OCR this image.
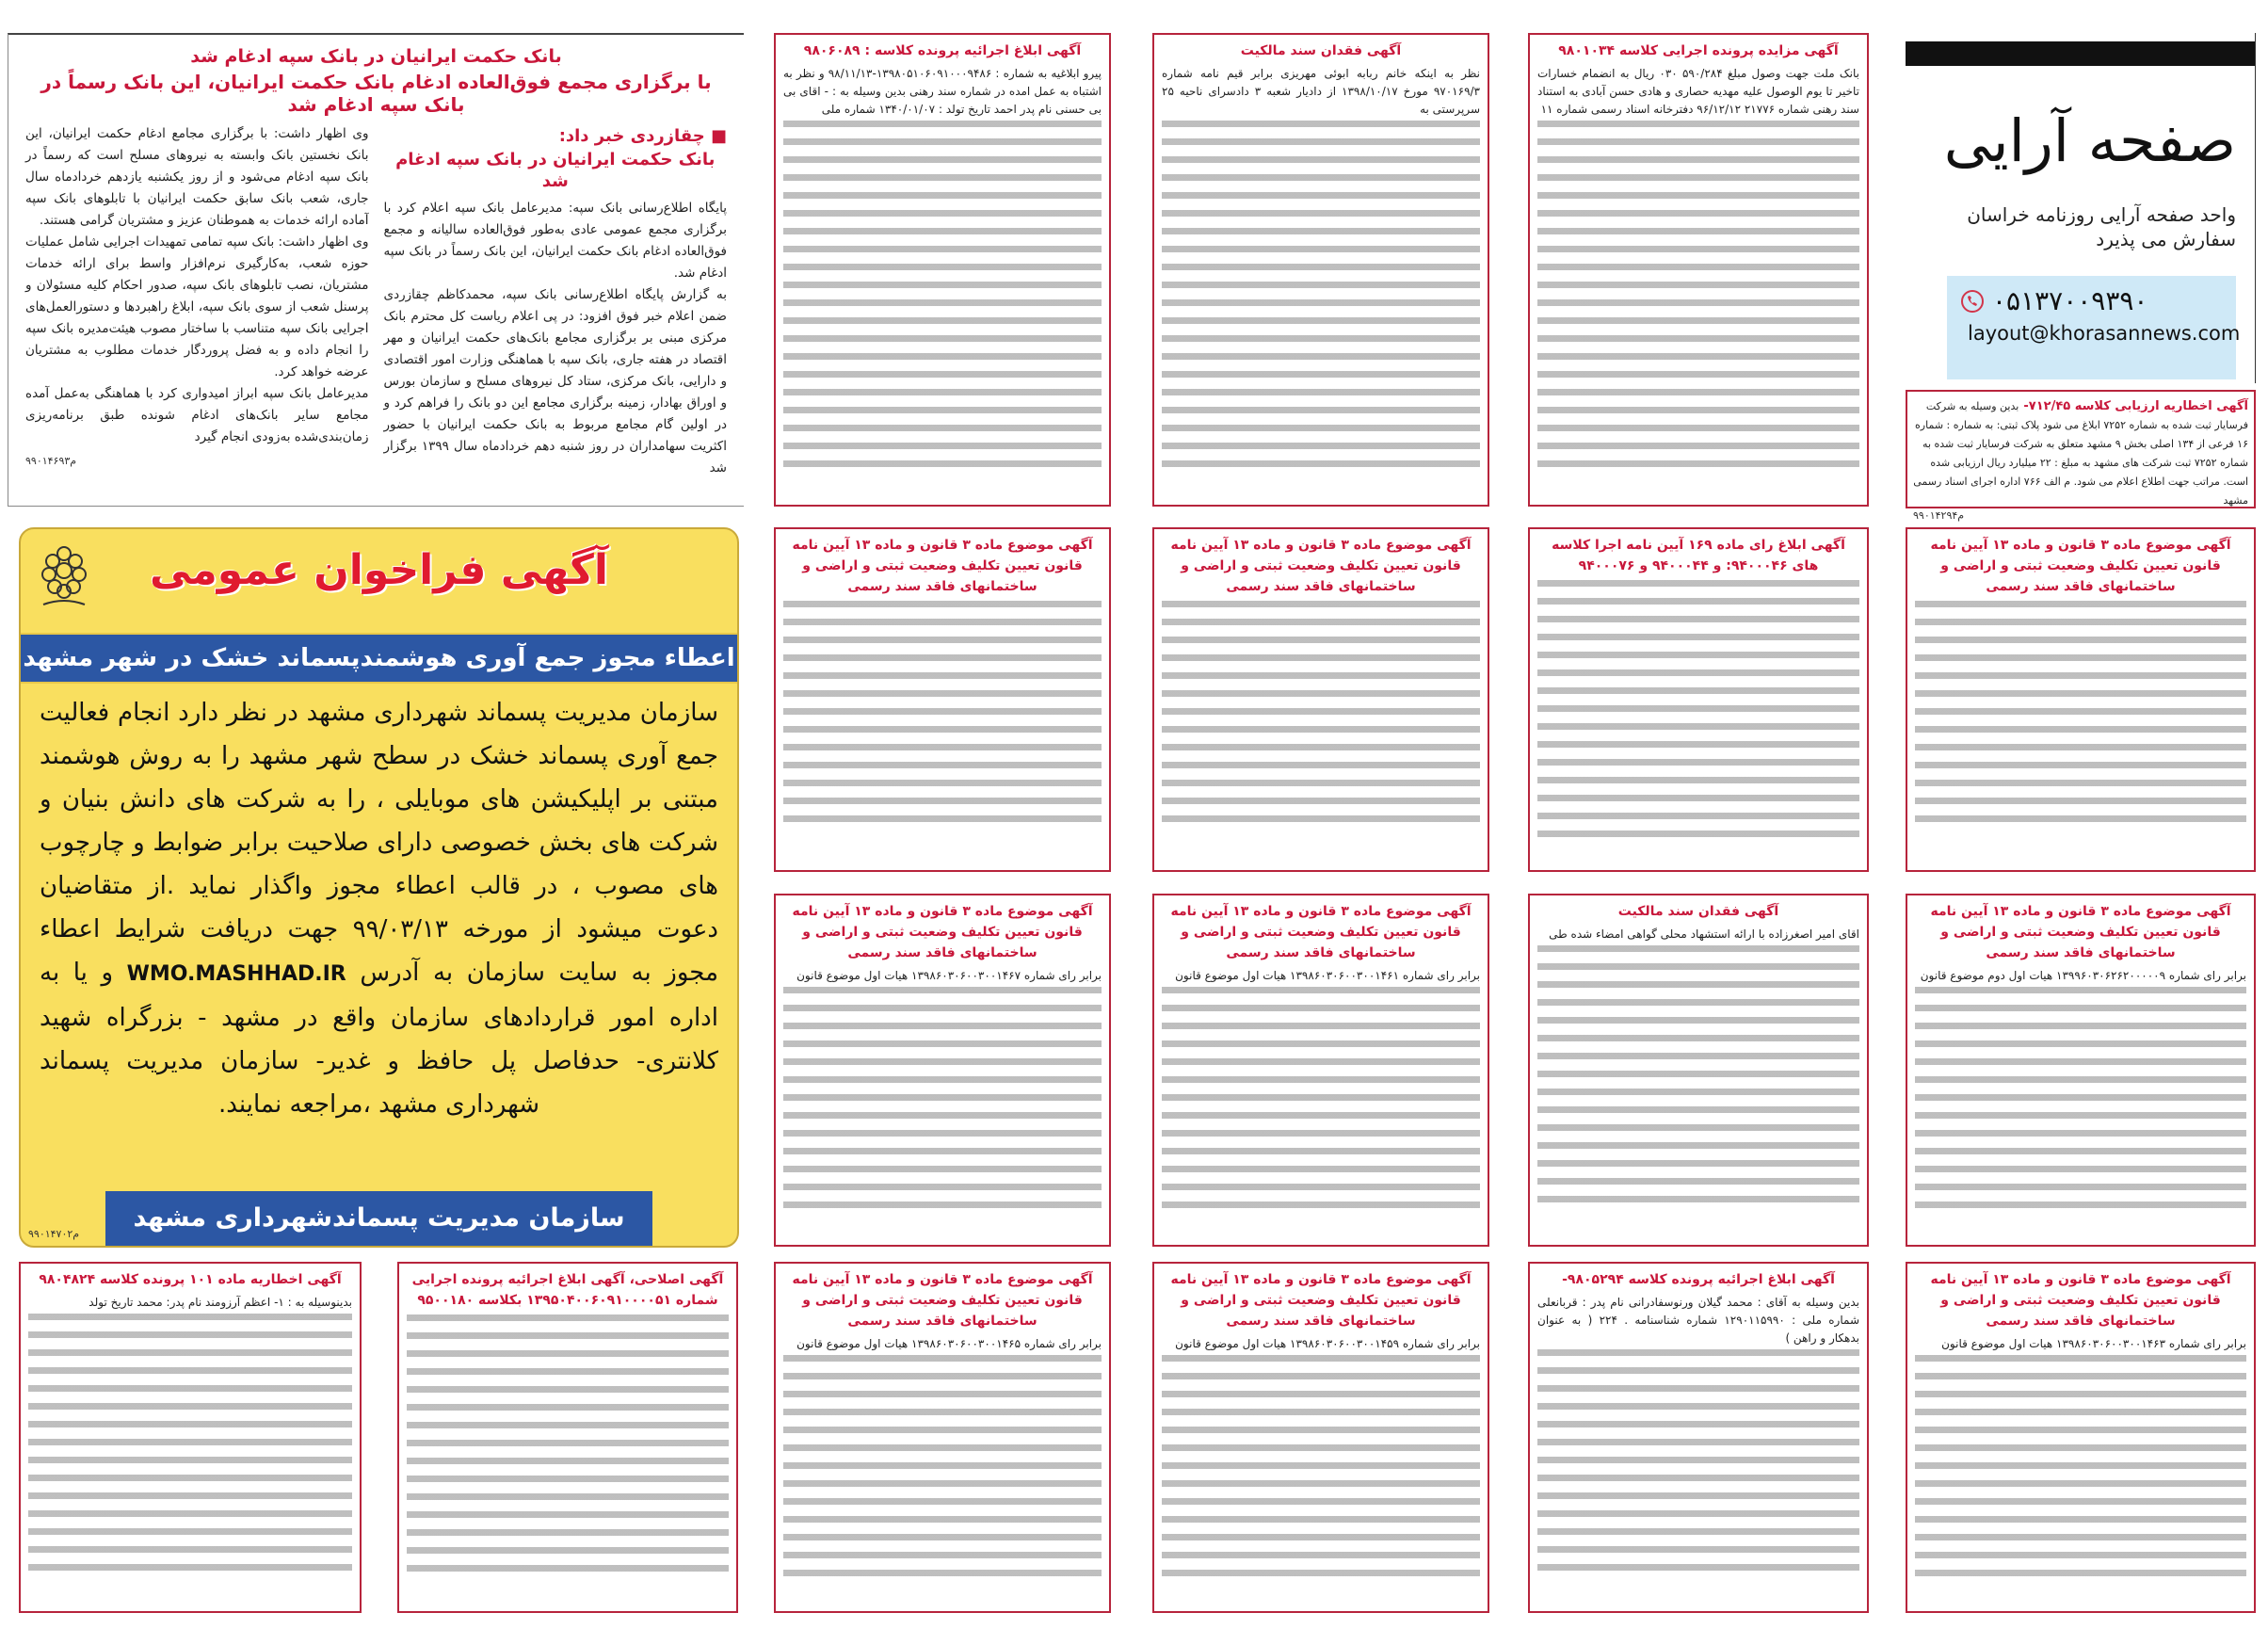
بانک حکمت ایرانیان در بانک سپه ادغام شد
با برگزاری مجمع فوق‌العاده ادغام بانک حکمت ایرانیان، این بانک رسماً در بانک سپه ادغام شد
■ چقازردی خبر داد:
بانک حکمت ایرانیان در بانک سپه ادغام شد

پایگاه اطلاع‌رسانی بانک سپه: مدیرعامل بانک سپه اعلام کرد با برگزاری مجمع عمومی عادی به‌طور فوق‌العاده سالیانه و مجمع فوق‌العاده ادغام بانک حکمت ایرانیان، این بانک رسماً در بانک سپه ادغام شد.

به گزارش پایگاه اطلاع‌رسانی بانک سپه، محمدکاظم چقازردی ضمن اعلام خبر فوق افزود: در پی اعلام ریاست کل محترم بانک مرکزی مبنی بر برگزاری مجامع بانک‌های حکمت ایرانیان و مهر اقتصاد در هفته جاری، بانک سپه با هماهنگی وزارت امور اقتصادی و دارایی، بانک مرکزی، ستاد کل نیروهای مسلح و سازمان بورس و اوراق بهادار، زمینه برگزاری مجامع این دو بانک را فراهم کرد و در اولین گام مجامع مربوط به بانک حکمت ایرانیان با حضور اکثریت سهامداران در روز شنبه دهم خردادماه سال ۱۳۹۹ برگزار شد

وی اظهار داشت: با برگزاری مجامع ادغام حکمت ایرانیان، این بانک نخستین بانک وابسته به نیروهای مسلح است که رسماً در بانک سپه ادغام می‌شود و از روز یکشنبه یازدهم خردادماه سال جاری، شعب بانک سابق حکمت ایرانیان با تابلوهای بانک سپه آماده ارائه خدمات به هموطنان عزیز و مشتریان گرامی هستند.

وی اظهار داشت: بانک سپه تمامی تمهیدات اجرایی شامل عملیات حوزه شعب، به‌کارگیری نرم‌افزار واسط برای ارائه خدمات مشتریان، نصب تابلوهای بانک سپه، صدور احکام کلیه مسئولان و پرسنل شعب از سوی بانک سپه، ابلاغ راهبردها و دستورالعمل‌های اجرایی بانک سپه متناسب با ساختار مصوب هیئت‌مدیره بانک سپه را انجام داده و به فضل پروردگار خدمات مطلوب به مشتریان عرضه خواهد کرد.

مدیرعامل بانک سپه ابراز امیدواری کرد با هماهنگی به‌عمل آمده مجامع سایر بانک‌های ادغام شونده طبق برنامه‌ریزی زمان‌بندی‌شده به‌زودی انجام گیرد

م۹۹۰۱۴۶۹۳
آگهی فراخوان عمومی
اعطاء مجوز جمع آوری هوشمندپسماند خشک در شهر مشهد
سازمان مدیریت پسماند شهرداری مشهد در نظر دارد انجام فعالیت جمع آوری پسماند خشک در سطح شهر مشهد را به روش هوشمند مبتنی بر اپلیکیشن های موبایلی ، را به شرکت های دانش بنیان و شرکت های بخش خصوصی دارای صلاحیت برابر ضوابط و چارچوب های مصوب ، در قالب اعطاء مجوز واگذار نماید .از متقاضیان دعوت میشود از مورخه ۹۹/۰۳/۱۳ جهت دریافت شرایط اعطاء مجوز به سایت سازمان به آدرس WMO.MASHHAD.IR و یا به اداره امور قراردادهای سازمان واقع در مشهد - بزرگراه شهید کلانتری- حدفاصل پل حافظ و غدیر- سازمان مدیریت پسماند شهرداری مشهد ،مراجعه نمایند.
سازمان مدیریت پسماندشهرداری مشهد
م۹۹۰۱۴۷۰۲
صفحه آرایی
واحد صفحه آرایی روزنامه خراسان
سفارش می پذیرد
۰۵۱۳۷۰۰۹۳۹۰
layout@khorasannews.com
آگهی ابلاغ اجرائیه پرونده کلاسه : ۹۸۰۶۰۸۹
پیرو ابلاغیه به شماره : ۱۳۹۸۰۵۱۰۶۰۹۱۰۰۰۹۴۸۶-۹۸/۱۱/۱۳ و نظر به اشتباه به عمل امده در شماره سند رهنی بدین وسیله به : - اقای بی بی حسنی نام پدر احمد تاریخ تولد : ۱۳۴۰/۰۱/۰۷ شماره ملی
آگهی فقدان سند مالکیت
نظر به اینکه خانم ربابه ابوئی مهریزی برابر قیم نامه شماره ۹۷۰۱۶۹/۳ مورخ ۱۳۹۸/۱۰/۱۷ از دادیار شعبه ۳ دادسرای ناحیه ۲۵ سرپرستی به
آگهی مزایده پرونده اجرایی کلاسه ۹۸۰۱۰۳۴
بانک ملت جهت وصول مبلغ ۵۹۰/۲۸۴ ۰۳۰ ریال به انضمام خسارات تاخیر تا یوم الوصول علیه مهدیه حصاری و هادی حسن آبادی به استناد سند رهنی شماره ۲۱۷۷۶ ۹۶/۱۲/۱۲ دفترخانه اسناد رسمی شماره ۱۱
آگهی اخطاریه ارزیابی کلاسه ۷۱۲/۴۵- بدین وسیله به شرکت فرسایار ثبت شده به شماره ۷۲۵۲ ابلاغ می شود پلاک ثبتی: به شماره : شماره ۱۶ فرعی از ۱۳۴ اصلی بخش ۹ مشهد متعلق به شرکت فرسایار ثبت شده به شماره ۷۲۵۲ ثبت شرکت های مشهد به مبلغ : ۲۲ میلیارد ریال ارزیابی شده است. مراتب جهت اطلاع اعلام می شود. م الف ۷۶۶ اداره اجرای اسناد رسمی مشهد
م۹۹۰۱۴۲۹۴
آگهی موضوع ماده ۳ قانون و ماده ۱۳ آیین نامه قانون تعیین تکلیف وضعیت ثبتی و اراضی و ساختمانهای فاقد سند رسمی
آگهی موضوع ماده ۳ قانون و ماده ۱۳ آیین نامه قانون تعیین تکلیف وضعیت ثبتی و اراضی و ساختمانهای فاقد سند رسمی
آگهی ابلاغ رای ماده ۱۶۹ آیین نامه اجرا کلاسه های ۹۴۰۰۰۴۶: و ۹۴۰۰۰۴۴ و ۹۴۰۰۰۷۶
آگهی موضوع ماده ۳ قانون و ماده ۱۳ آیین نامه قانون تعیین تکلیف وضعیت ثبتی و اراضی و ساختمانهای فاقد سند رسمی
آگهی موضوع ماده ۳ قانون و ماده ۱۳ آیین نامه قانون تعیین تکلیف وضعیت ثبتی و اراضی و ساختمانهای فاقد سند رسمی
برابر رای شماره ۱۳۹۸۶۰۳۰۶۰۰۳۰۰۱۴۶۷ هیات اول موضوع قانون
آگهی موضوع ماده ۳ قانون و ماده ۱۳ آیین نامه قانون تعیین تکلیف وضعیت ثبتی و اراضی و ساختمانهای فاقد سند رسمی
برابر رای شماره ۱۳۹۸۶۰۳۰۶۰۰۳۰۰۱۴۶۱ هیات اول موضوع قانون
آگهی فقدان سند مالکیت
اقای امیر اصغرزاده با ارائه استشهاد محلی گواهی امضاء شده طی
آگهی موضوع ماده ۳ قانون و ماده ۱۳ آیین نامه قانون تعیین تکلیف وضعیت ثبتی و اراضی و ساختمانهای فاقد سند رسمی
برابر رای شماره ۱۳۹۹۶۰۳۰۶۲۶۲۰۰۰۰۰۹ هیات اول دوم موضوع قانون
آگهی اخطاریه ماده ۱۰۱ پرونده کلاسه ۹۸۰۴۸۲۴
بدینوسیله به : ۱- اعظم آرزومند نام پدر: محمد تاریخ تولد
آگهی اصلاحی، آگهی ابلاغ اجرائیه پرونده اجرایی شماره ۱۳۹۵۰۴۰۰۶۰۹۱۰۰۰۰۵۱ بکلاسه ۹۵۰۰۱۸۰
آگهی موضوع ماده ۳ قانون و ماده ۱۳ آیین نامه قانون تعیین تکلیف وضعیت ثبتی و اراضی و ساختمانهای فاقد سند رسمی
برابر رای شماره ۱۳۹۸۶۰۳۰۶۰۰۳۰۰۱۴۶۵ هیات اول موضوع قانون
آگهی موضوع ماده ۳ قانون و ماده ۱۳ آیین نامه قانون تعیین تکلیف وضعیت ثبتی و اراضی و ساختمانهای فاقد سند رسمی
برابر رای شماره ۱۳۹۸۶۰۳۰۶۰۰۳۰۰۱۴۵۹ هیات اول موضوع قانون
آگهی ابلاغ اجرائیه پرونده کلاسه ۹۸۰۵۲۹۴-
بدین وسیله به آقای : محمد گیلان ورنوسفادرانی نام پدر : قربانعلی شماره ملی : ۱۲۹۰۱۱۵۹۹۰ شماره شناسنامه . ۲۲۴ ( به عنوان بدهکار و راهن )
آگهی موضوع ماده ۳ قانون و ماده ۱۳ آیین نامه قانون تعیین تکلیف وضعیت ثبتی و اراضی و ساختمانهای فاقد سند رسمی
برابر رای شماره ۱۳۹۸۶۰۳۰۶۰۰۳۰۰۱۴۶۳ هیات اول موضوع قانون
